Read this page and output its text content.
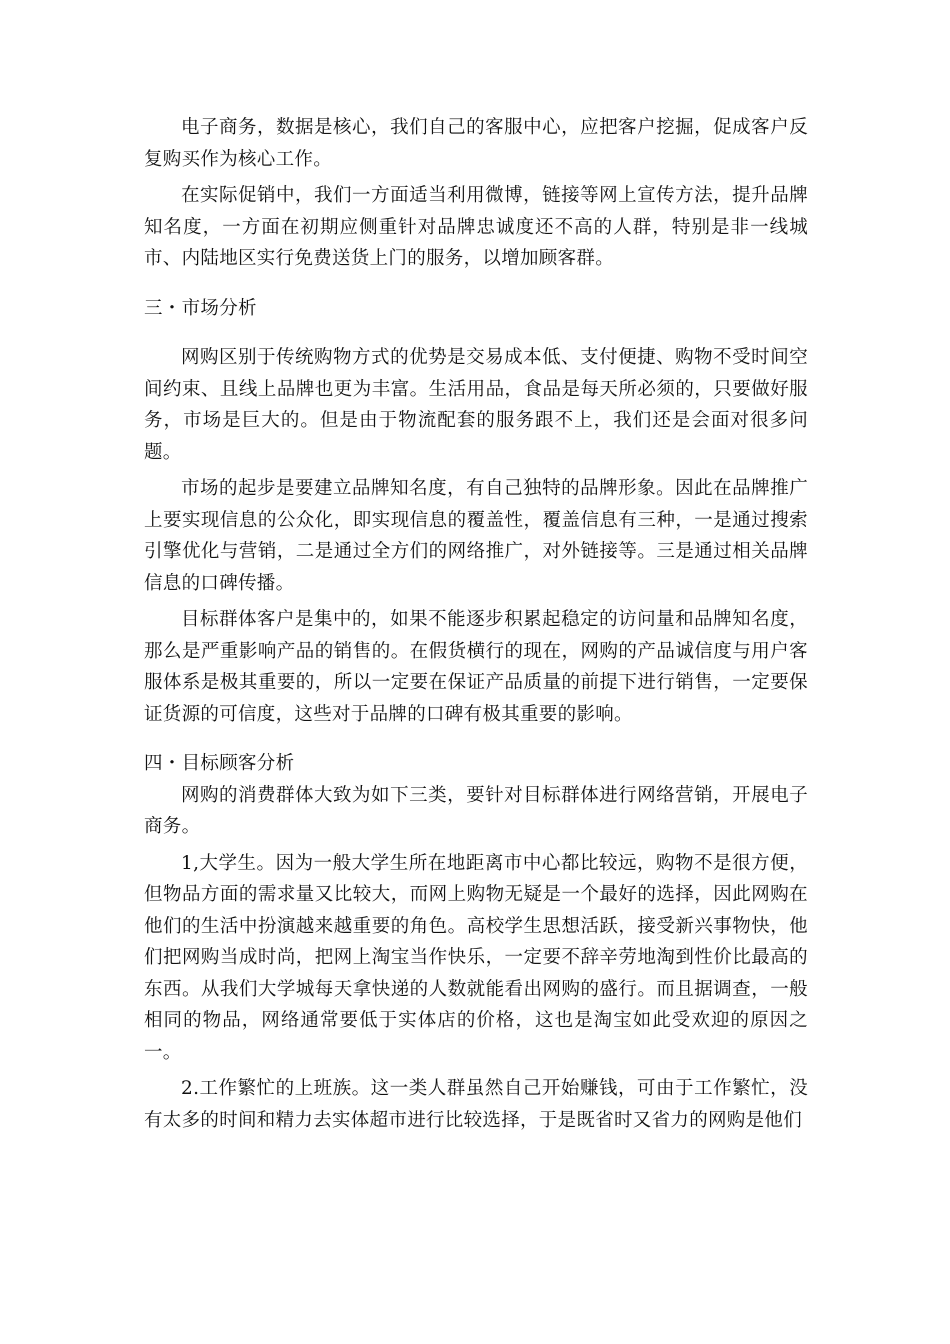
电子商务，数据是核心，我们自己的客服中心，应把客户挖掘，促成客户反复购买作为核心工作。

在实际促销中，我们一方面适当利用微博，链接等网上宣传方法，提升品牌知名度，一方面在初期应侧重针对品牌忠诚度还不高的人群，特别是非一线城市、内陆地区实行免费送货上门的服务，以增加顾客群。

三・市场分析

网购区别于传统购物方式的优势是交易成本低、支付便捷、购物不受时间空间约束、且线上品牌也更为丰富。生活用品，食品是每天所必须的，只要做好服务，市场是巨大的。但是由于物流配套的服务跟不上，我们还是会面对很多问题。

市场的起步是要建立品牌知名度，有自己独特的品牌形象。因此在品牌推广上要实现信息的公众化，即实现信息的覆盖性，覆盖信息有三种，一是通过搜索引擎优化与营销，二是通过全方们的网络推广，对外链接等。三是通过相关品牌信息的口碑传播。

目标群体客户是集中的，如果不能逐步积累起稳定的访问量和品牌知名度，那么是严重影响产品的销售的。在假货横行的现在，网购的产品诚信度与用户客服体系是极其重要的，所以一定要在保证产品质量的前提下进行销售，一定要保证货源的可信度，这些对于品牌的口碑有极其重要的影响。

四・目标顾客分析

网购的消费群体大致为如下三类，要针对目标群体进行网络营销，开展电子商务。

1,大学生。因为一般大学生所在地距离市中心都比较远，购物不是很方便，但物品方面的需求量又比较大，而网上购物无疑是一个最好的选择，因此网购在他们的生活中扮演越来越重要的角色。高校学生思想活跃，接受新兴事物快，他们把网购当成时尚，把网上淘宝当作快乐，一定要不辞辛劳地淘到性价比最高的东西。从我们大学城每天拿快递的人数就能看出网购的盛行。而且据调查，一般相同的物品，网络通常要低于实体店的价格，这也是淘宝如此受欢迎的原因之一。

2.工作繁忙的上班族。这一类人群虽然自己开始赚钱，可由于工作繁忙，没有太多的时间和精力去实体超市进行比较选择，于是既省时又省力的网购是他们
